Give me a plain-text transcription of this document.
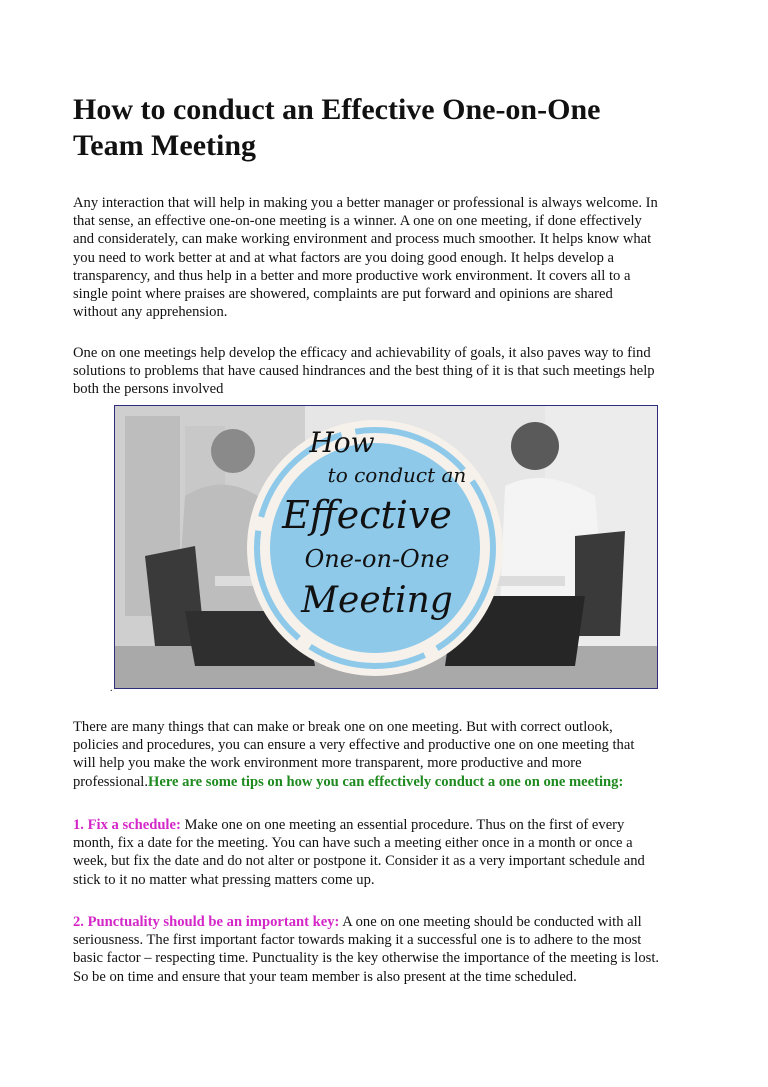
How to conduct an Effective One-on-One
Team Meeting

Any interaction that will help in making you a better manager or professional is always welcome. In
that sense, an effective one-on-one meeting is a winner. A one on one meeting, if done effectively
and considerately, can make working environment and process much smoother. It helps know what
you need to work better at and at what factors are you doing good enough. It helps develop a
transparency, and thus help in a better and more productive work environment. It covers all to a
single point where praises are showered, complaints are put forward and opinions are shared
without any apprehension.

One on one meetings help develop the efficacy and achievability of goals, it also paves way to find
solutions to problems that have caused hindrances and the best thing of it is that such meetings help
both the persons involved

How
to conduct an
Effective
One-on-One
Meeting
.

There are many things that can make or break one on one meeting. But with correct outlook,
policies and procedures, you can ensure a very effective and productive one on one meeting that
will help you make the work environment more transparent, more productive and more
professional.Here are some tips on how you can effectively conduct a one on one meeting:

1. Fix a schedule: Make one on one meeting an essential procedure. Thus on the first of every
month, fix a date for the meeting. You can have such a meeting either once in a month or once a
week, but fix the date and do not alter or postpone it. Consider it as a very important schedule and
stick to it no matter what pressing matters come up.

2. Punctuality should be an important key: A one on one meeting should be conducted with all
seriousness. The first important factor towards making it a successful one is to adhere to the most
basic factor – respecting time. Punctuality is the key otherwise the importance of the meeting is lost.
So be on time and ensure that your team member is also present at the time scheduled.
